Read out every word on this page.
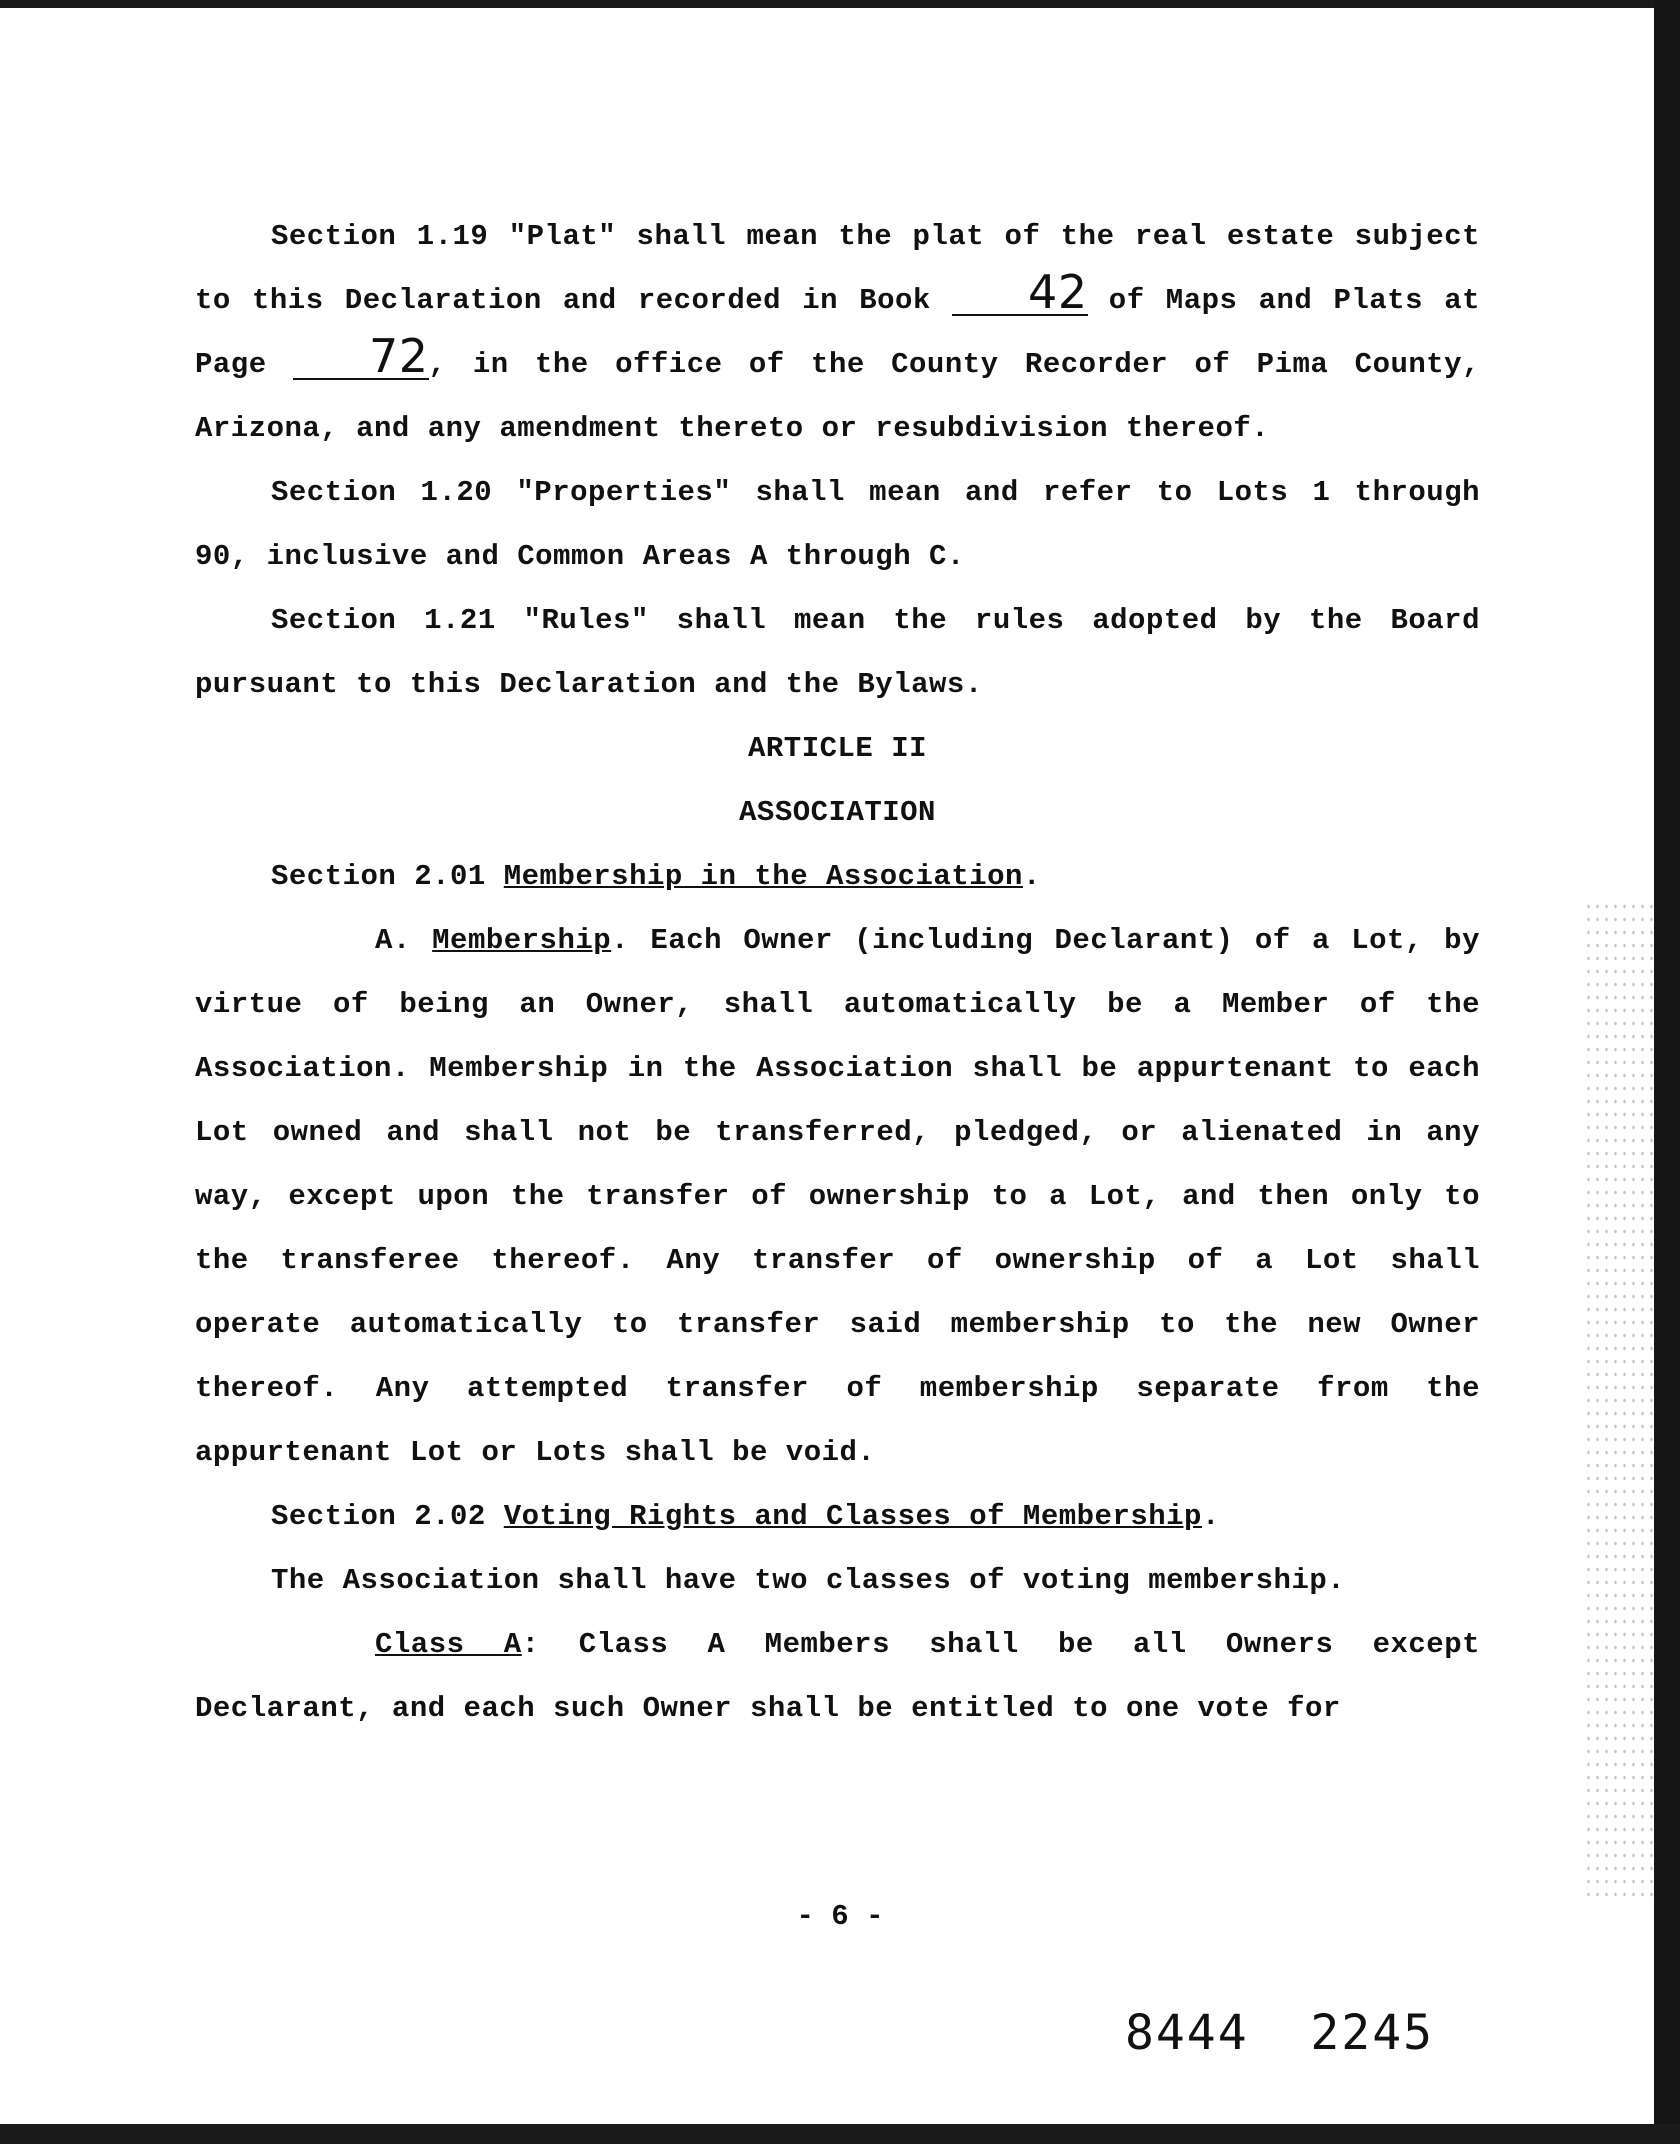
Section 1.19 "Plat" shall mean the plat of the real estate subject to this Declaration and recorded in Book 42 of Maps and Plats at Page 72, in the office of the County Recorder of Pima County, Arizona, and any amendment thereto or resubdivision thereof.

Section 1.20 "Properties" shall mean and refer to Lots 1 through 90, inclusive and Common Areas A through C.

Section 1.21 "Rules" shall mean the rules adopted by the Board pursuant to this Declaration and the Bylaws.

ARTICLE II
ASSOCIATION

Section 2.01 Membership in the Association.

A. Membership. Each Owner (including Declarant) of a Lot, by virtue of being an Owner, shall automatically be a Member of the Association. Membership in the Association shall be appurtenant to each Lot owned and shall not be transferred, pledged, or alienated in any way, except upon the transfer of ownership to a Lot, and then only to the transferee thereof. Any transfer of ownership of a Lot shall operate automatically to transfer said membership to the new Owner thereof. Any attempted transfer of membership separate from the appurtenant Lot or Lots shall be void.

Section 2.02 Voting Rights and Classes of Membership.

The Association shall have two classes of voting membership.

Class A: Class A Members shall be all Owners except Declarant, and each such Owner shall be entitled to one vote for

- 6 -
8444  2245
